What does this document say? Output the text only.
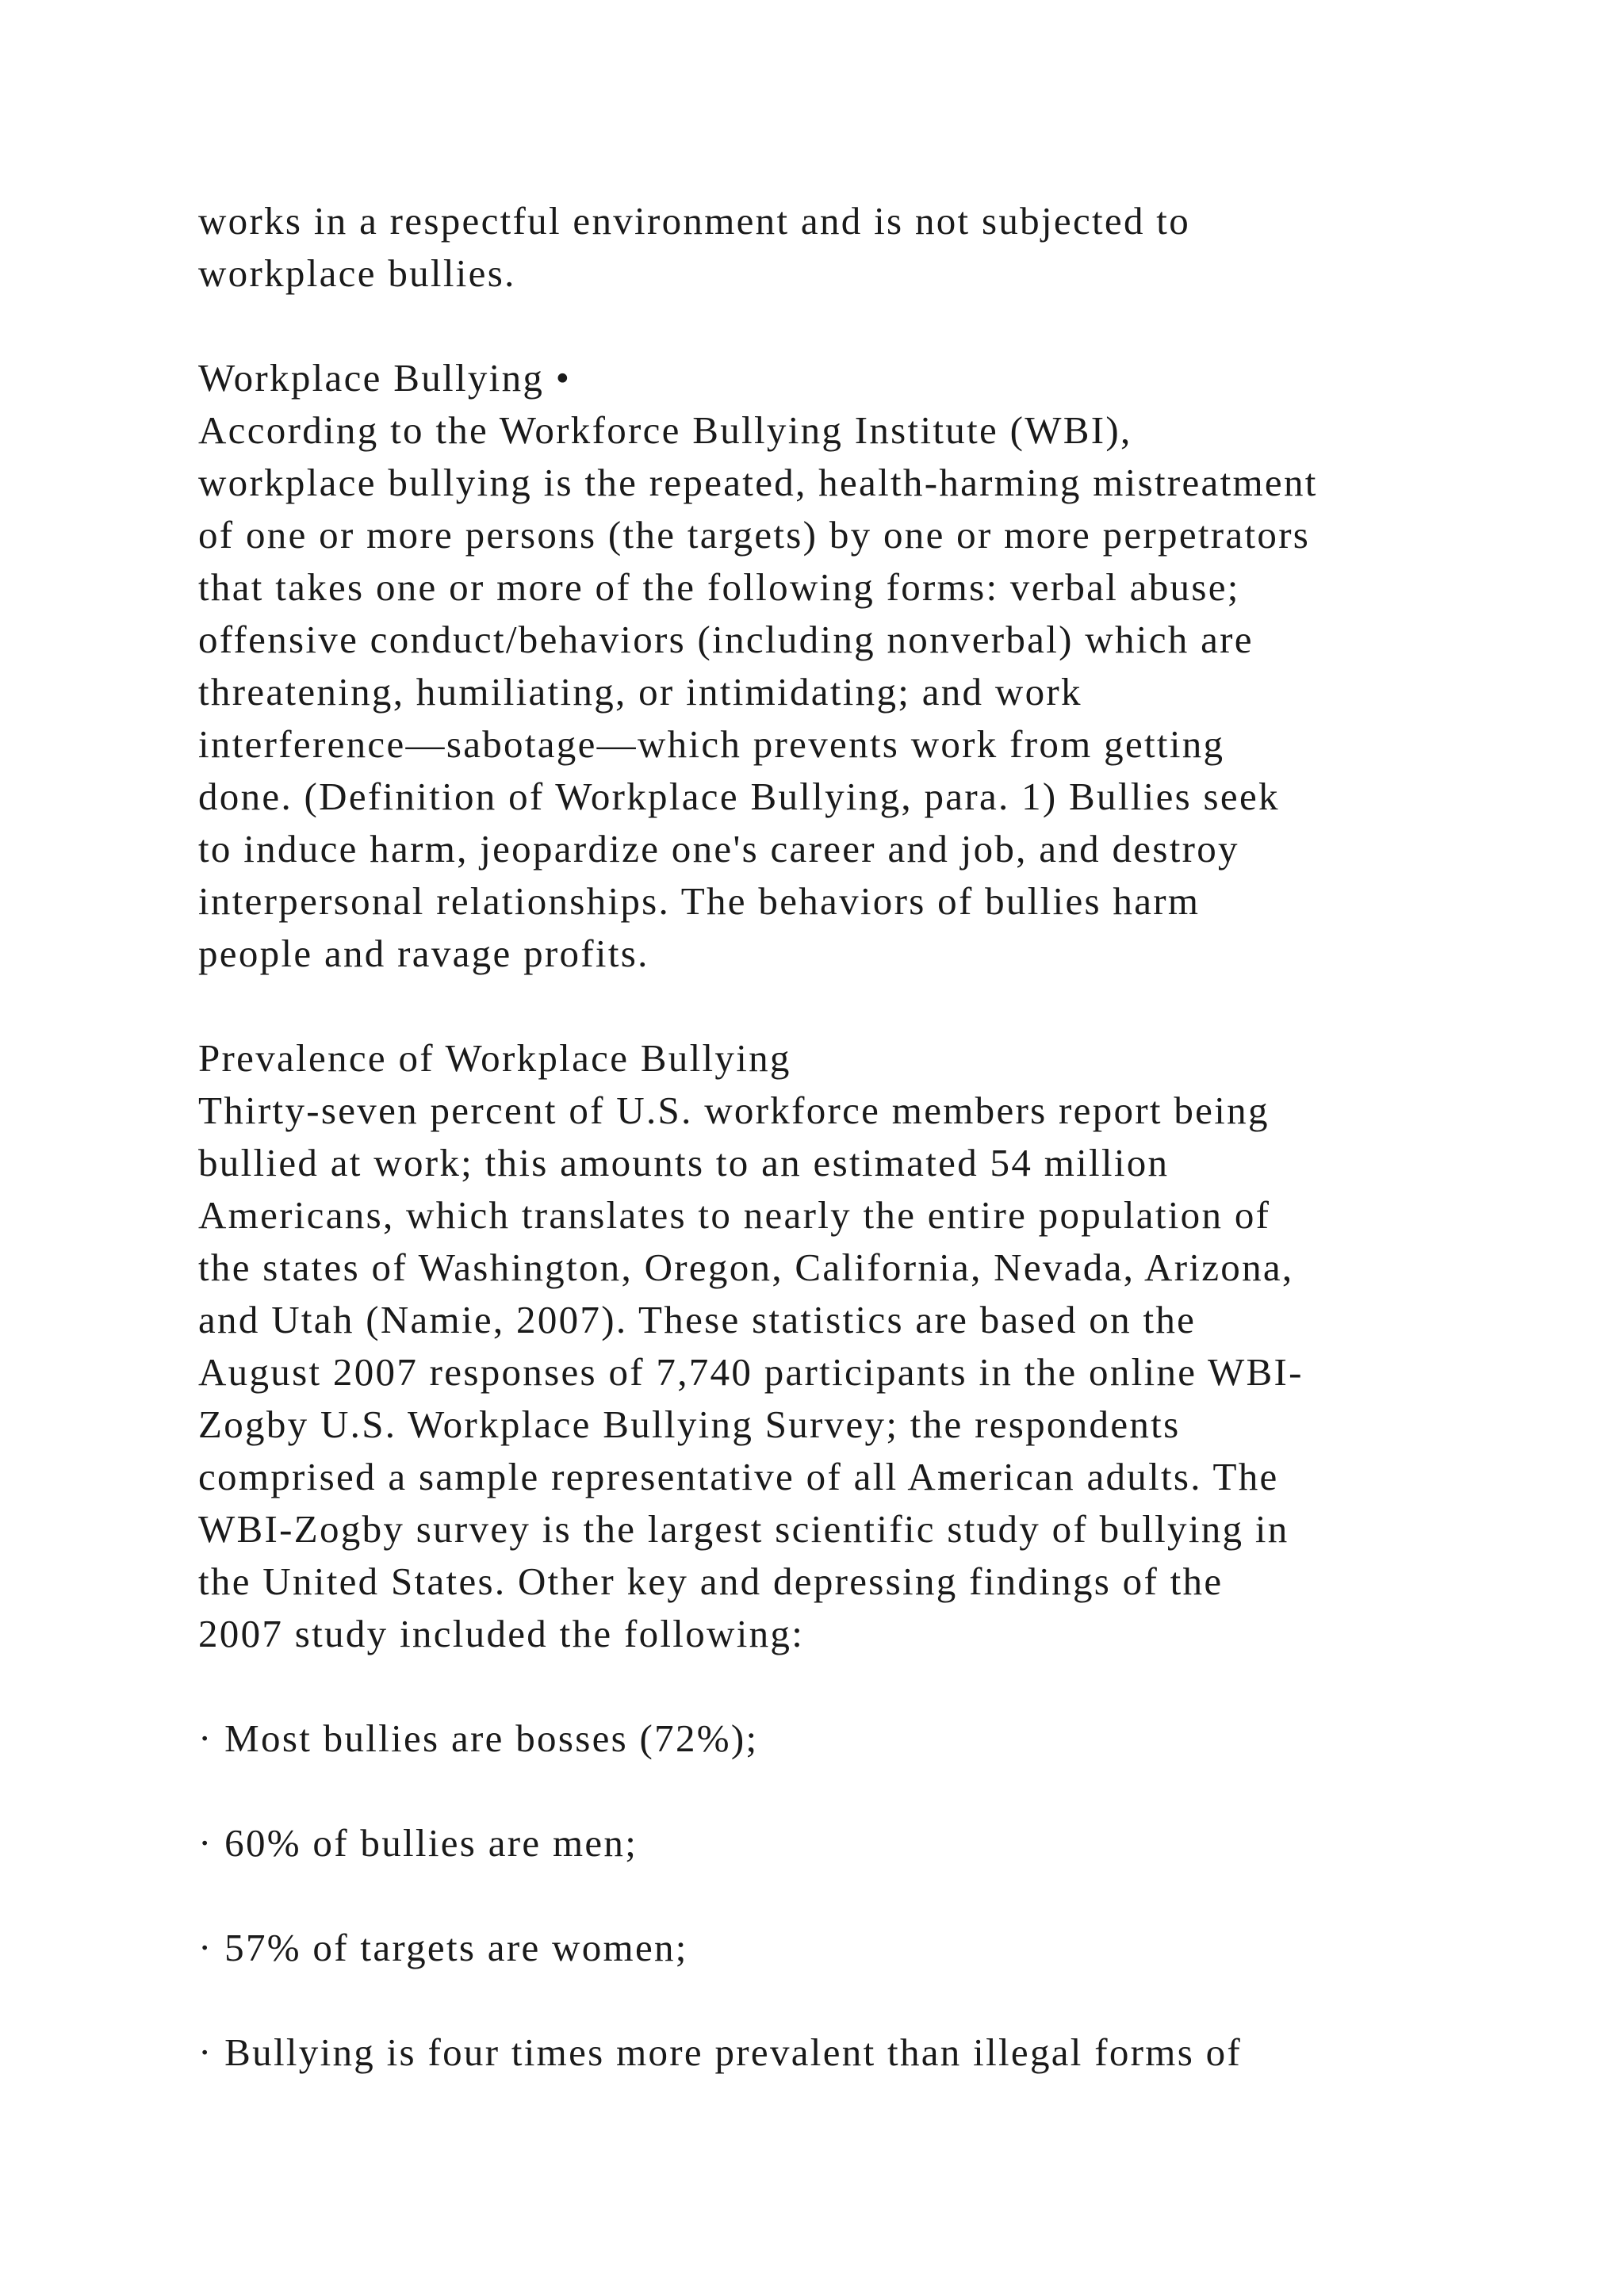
works in a respectful environment and is not subjected to
workplace bullies.
Workplace Bullying •
According to the Workforce Bullying Institute (WBI),
workplace bullying is the repeated, health-harming mistreatment
of one or more persons (the targets) by one or more perpetrators
that takes one or more of the following forms: verbal abuse;
offensive conduct/behaviors (including nonverbal) which are
threatening, humiliating, or intimidating; and work
interference—sabotage—which prevents work from getting
done. (Definition of Workplace Bullying, para. 1) Bullies seek
to induce harm, jeopardize one's career and job, and destroy
interpersonal relationships. The behaviors of bullies harm
people and ravage profits.
Prevalence of Workplace Bullying
Thirty-seven percent of U.S. workforce members report being
bullied at work; this amounts to an estimated 54 million
Americans, which translates to nearly the entire population of
the states of Washington, Oregon, California, Nevada, Arizona,
and Utah (Namie, 2007). These statistics are based on the
August 2007 responses of 7,740 participants in the online WBI-
Zogby U.S. Workplace Bullying Survey; the respondents
comprised a sample representative of all American adults. The
WBI-Zogby survey is the largest scientific study of bullying in
the United States. Other key and depressing findings of the
2007 study included the following:
· Most bullies are bosses (72%);
· 60% of bullies are men;
· 57% of targets are women;
· Bullying is four times more prevalent than illegal forms of
